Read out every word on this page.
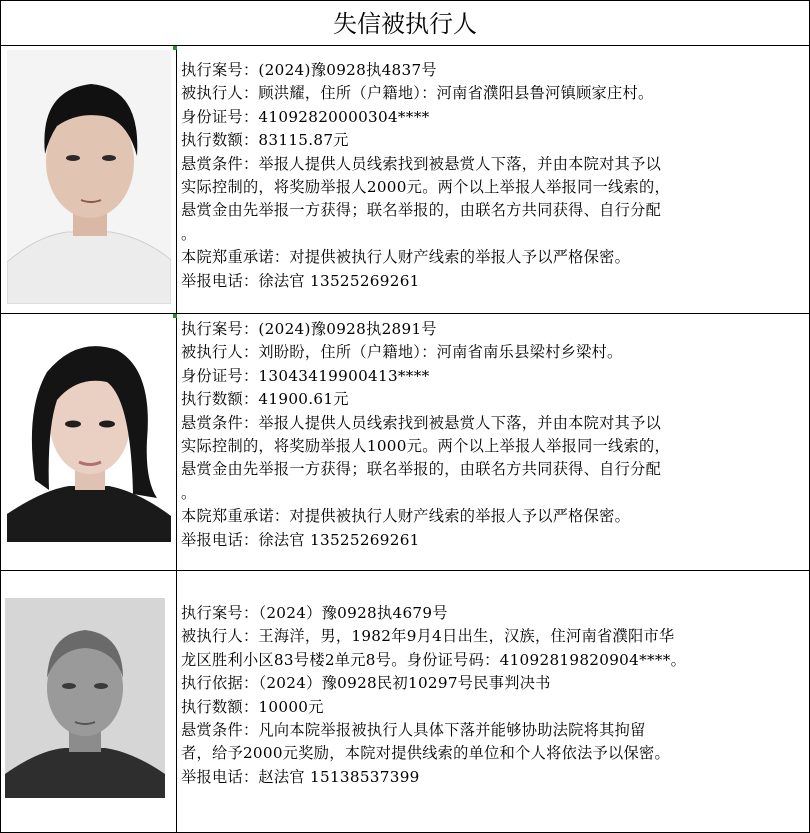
失信被执行人
执行案号：(2024)豫0928执4837号
被执行人：顾洪耀，住所（户籍地）：河南省濮阳县鲁河镇顾家庄村。
身份证号：41092820000304****
执行数额：83115.87元
悬赏条件：举报人提供人员线索找到被悬赏人下落，并由本院对其予以
实际控制的，将奖励举报人2000元。两个以上举报人举报同一线索的，
悬赏金由先举报一方获得；联名举报的，由联名方共同获得、自行分配
。
本院郑重承诺：对提供被执行人财产线索的举报人予以严格保密。
举报电话：徐法官 13525269261
执行案号：(2024)豫0928执2891号
被执行人：刘盼盼，住所（户籍地）：河南省南乐县梁村乡梁村。
身份证号：13043419900413****
执行数额：41900.61元
悬赏条件：举报人提供人员线索找到被悬赏人下落，并由本院对其予以
实际控制的，将奖励举报人1000元。两个以上举报人举报同一线索的，
悬赏金由先举报一方获得；联名举报的，由联名方共同获得、自行分配
。
本院郑重承诺：对提供被执行人财产线索的举报人予以严格保密。
举报电话：徐法官 13525269261
执行案号：（2024）豫0928执4679号
被执行人：王海洋，男，1982年9月4日出生，汉族，住河南省濮阳市华
龙区胜利小区83号楼2单元8号。身份证号码：41092819820904****。
执行依据：（2024）豫0928民初10297号民事判决书
执行数额：10000元
悬赏条件：凡向本院举报被执行人具体下落并能够协助法院将其拘留
者，给予2000元奖励，本院对提供线索的单位和个人将依法予以保密。
举报电话：赵法官 15138537399
